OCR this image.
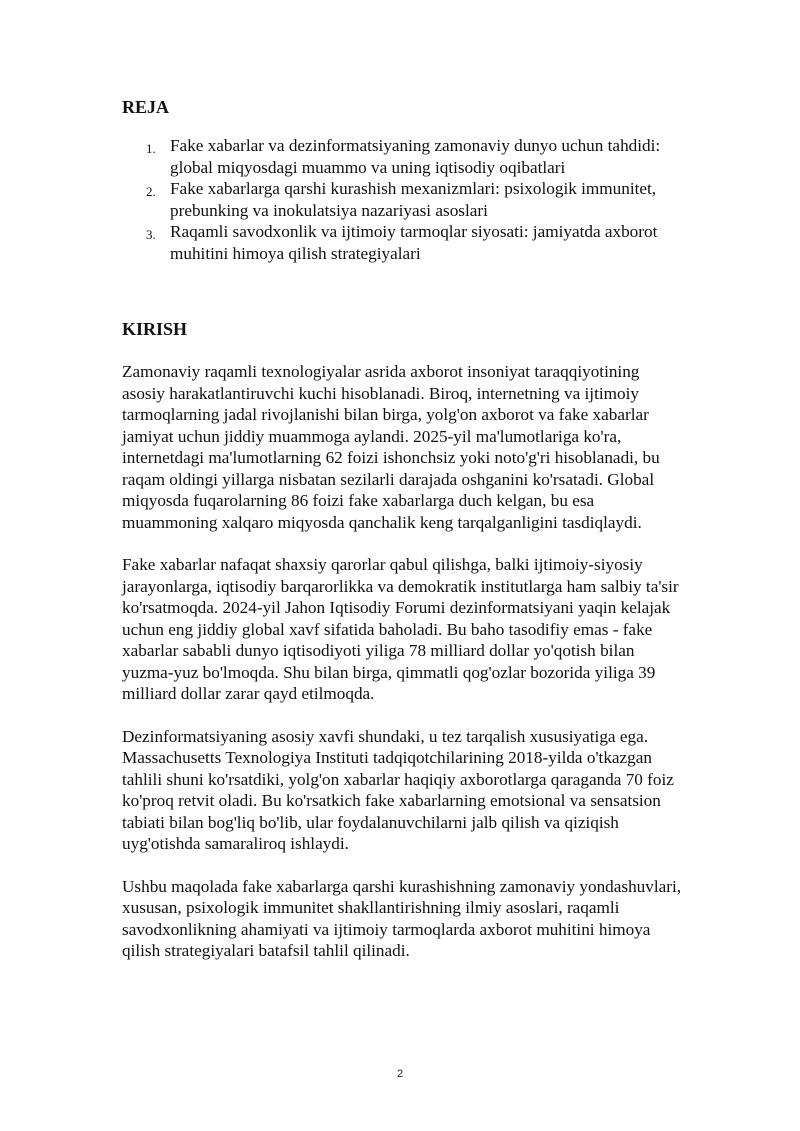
REJA
1. Fake xabarlar va dezinformatsiyaning zamonaviy dunyo uchun tahdidi: global miqyosdagi muammo va uning iqtisodiy oqibatlari
2. Fake xabarlarga qarshi kurashish mexanizmlari: psixologik immunitet, prebunking va inokulatsiya nazariyasi asoslari
3. Raqamli savodxonlik va ijtimoiy tarmoqlar siyosati: jamiyatda axborot muhitini himoya qilish strategiyalari
KIRISH

Zamonaviy raqamli texnologiyalar asrida axborot insoniyat taraqqiyotining asosiy harakatlantiruvchi kuchi hisoblanadi. Biroq, internetning va ijtimoiy tarmoqlarning jadal rivojlanishi bilan birga, yolg'on axborot va fake xabarlar jamiyat uchun jiddiy muammoga aylandi. 2025-yil ma'lumotlariga ko'ra, internetdagi ma'lumotlarning 62 foizi ishonchsiz yoki noto'g'ri hisoblanadi, bu raqam oldingi yillarga nisbatan sezilarli darajada oshganini ko'rsatadi. Global miqyosda fuqarolarning 86 foizi fake xabarlarga duch kelgan, bu esa muammoning xalqaro miqyosda qanchalik keng tarqalganligini tasdiqlaydi.

Fake xabarlar nafaqat shaxsiy qarorlar qabul qilishga, balki ijtimoiy-siyosiy jarayonlarga, iqtisodiy barqarorlikka va demokratik institutlarga ham salbiy ta'sir ko'rsatmoqda. 2024-yil Jahon Iqtisodiy Forumi dezinformatsiyani yaqin kelajak uchun eng jiddiy global xavf sifatida baholadi. Bu baho tasodifiy emas - fake xabarlar sababli dunyo iqtisodiyoti yiliga 78 milliard dollar yo'qotish bilan yuzma-yuz bo'lmoqda. Shu bilan birga, qimmatli qog'ozlar bozorida yiliga 39 milliard dollar zarar qayd etilmoqda.

Dezinformatsiyaning asosiy xavfi shundaki, u tez tarqalish xususiyatiga ega. Massachusetts Texnologiya Instituti tadqiqotchilarining 2018-yilda o'tkazgan tahlili shuni ko'rsatdiki, yolg'on xabarlar haqiqiy axborotlarga qaraganda 70 foiz ko'proq retvit oladi. Bu ko'rsatkich fake xabarlarning emotsional va sensatsion tabiati bilan bog'liq bo'lib, ular foydalanuvchilarni jalb qilish va qiziqish uyg'otishda samaraliroq ishlaydi.

Ushbu maqolada fake xabarlarga qarshi kurashishning zamonaviy yondashuvlari, xususan, psixologik immunitet shakllantirishning ilmiy asoslari, raqamli savodxonlikning ahamiyati va ijtimoiy tarmoqlarda axborot muhitini himoya qilish strategiyalari batafsil tahlil qilinadi.

2
